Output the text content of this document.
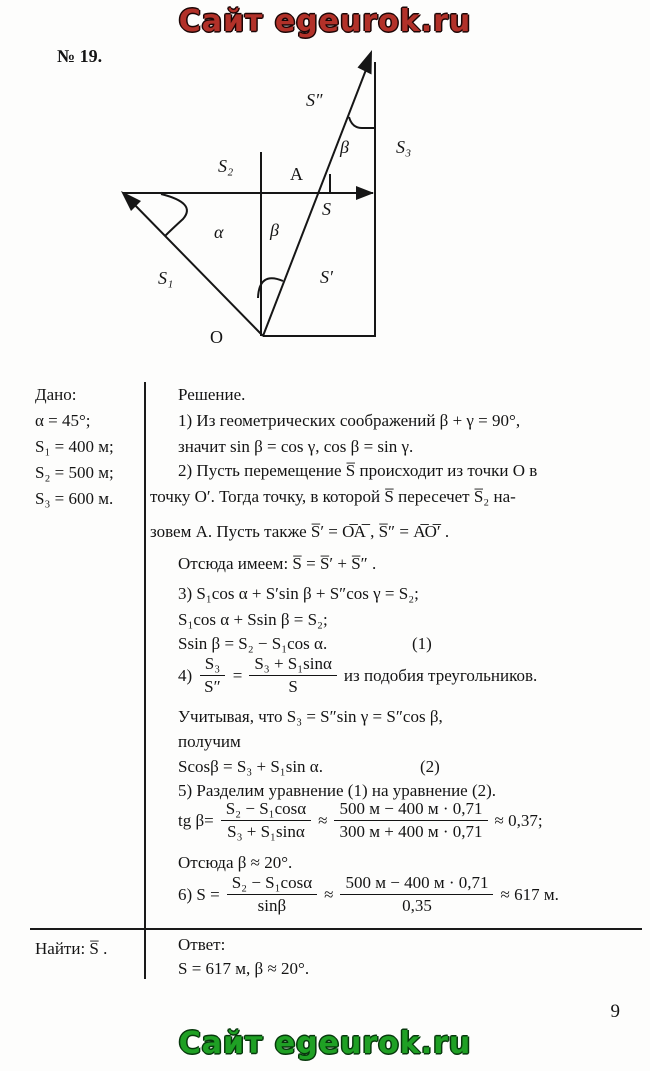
Сайт egeurok.ru
№ 19.
S″
β	S₃
S₂	А
S
α	β
S₁	S′
О
Дано:
α = 45°;
S₁ = 400 м;
S₂ = 500 м;
S₃ = 600 м.
Найти: S̅ .
Решение.
1) Из геометрических соображений β + γ = 90°,
значит sin β = cos γ, cos β = sin γ.
2) Пусть перемещение S̅ происходит из точки О в
точку О′. Тогда точку, в которой S̅ пересечет S̅₂ на-
зовем А. Пусть также S̅′ = О̅А̅ , S̅″ = А̅О̅′ .
Отсюда имеем: S̅ = S̅′ + S̅″ .
3) S₁cos α + S′sin β + S″cos γ = S₂;
S₁cos α + Ssin β = S₂;
Ssin β = S₂ − S₁cos α.	(1)
$4) \frac{\text{S₃}}{S''} = \frac{\text{S₃ + S₁sinα}}{S}$ из подобия треугольников.
Учитывая, что S₃ = S″sin γ = S″cos β,
получим
Scosβ = S₃ + S₁sin α.	(2)
5) Разделим уравнение (1) на уравнение (2).
tg $\beta= \frac{\text{S₂ − S₁cosα}}{\text{S₃ + S₁sinα}} \approx \frac{500 м - 400 м \cdot 0,71}{300 м + 400 м \cdot 0,71} \approx 0,37$;
Отсюда β ≈ 20°.
6) $S = \frac{\text{S₂ − S₁cosα}}{\sin\beta} \approx \frac{500 м - 400 м \cdot 0,71}{0,35} \approx 617$ м.
Ответ:
S = 617 м, β ≈ 20°.
9
Сайт egeurok.ru
